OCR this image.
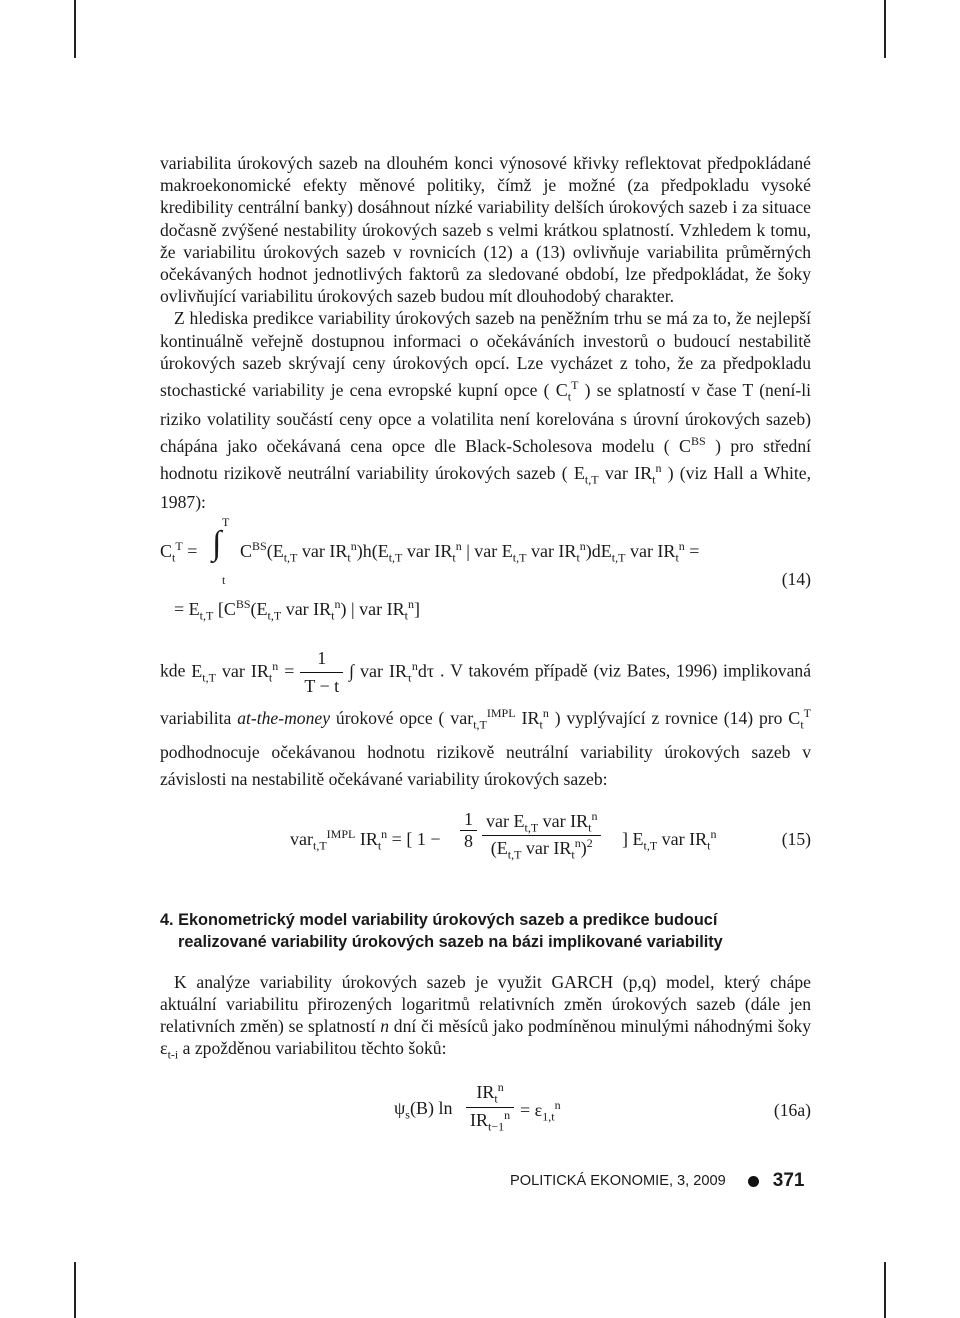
variabilita úrokových sazeb na dlouhém konci výnosové křivky reflektovat předpokládané makroekonomické efekty měnové politiky, čímž je možné (za předpokladu vysoké kredibility centrální banky) dosáhnout nízké variability delších úrokových sazeb i za situace dočasně zvýšené nestability úrokových sazeb s velmi krátkou splatností. Vzhledem k tomu, že variabilitu úrokových sazeb v rovnicích (12) a (13) ovlivňuje variabilita průměrných očekávaných hodnot jednotlivých faktorů za sledované období, lze předpokládat, že šoky ovlivňující variabilitu úrokových sazeb budou mít dlouhodobý charakter.

Z hlediska predikce variability úrokových sazeb na peněžním trhu se má za to, že nejlepší kontinuálně veřejně dostupnou informaci o očekáváních investorů o budoucí nestabilitě úrokových sazeb skrývají ceny úrokových opcí. Lze vycházet z toho, že za předpokladu stochastické variability je cena evropské kupní opce ( $C_t^T$ ) se splatností v čase T (není-li riziko volatility součástí ceny opce a volatilita není korelována s úrovní úrokových sazeb) chápána jako očekávaná cena opce dle Black-Scholesova modelu ( $C^{BS}$ ) pro střední hodnotu rizikově neutrální variability úrokových sazeb ( $E_{t,T}$ var $IR_t^n$ ) (viz Hall a White, 1987):

$C_t^T$ = ∫
T
t
$C^{BS}(E_{t,T}$ var $IR_t^n)h(E_{t,T}$ var $IR_t^n$ | var $E_{t,T}$ var $IR_t^n)dE_{t,T}$ var $IR_t^n$ =
= $E_{t,T}$ [$C^{BS}(E_{t,T}$ var $IR_t^n$) | var $IR_t^n$]
(14)

kde $E_{t,T}$ var $IR_t^n = \frac{1}{T - t}$ ∫ var $IR_\tau^nd\tau$ . V takovém případě (viz Bates, 1996) implikovaná variabilita at-the-money úrokové opce ( var$_{t,T}^{IMPL}$ $IR_t^n$ ) vyplývající z rovnice (14) pro $C_t^T$ podhodnocuje očekávanou hodnotu rizikově neutrální variability úrokových sazeb v závislosti na nestabilitě očekávané variability úrokových sazeb:

var$_{t,T}^{IMPL}$ $IR_t^n$ = [ $1 - \frac{1}{8}$ var $E_{t,T}$ var $IR_t^n$
($E_{t,T}$ var $IR_t^n)^2$	] $E_{t,T}$ var $IR_t^n$	(15)

4. Ekonometrický model variability úrokových sazeb a predikce budoucí
realizované variability úrokových sazeb na bázi implikované variability

K analýze variability úrokových sazeb je využit GARCH (p,q) model, který chápe aktuální variabilitu přirozených logaritmů relativních změn úrokových sazeb (dále jen relativních změn) se splatností n dní či měsíců jako podmíněnou minulými náhodnými šoky $\varepsilon_{t-i}$ a zpožděnou variabilitou těchto šoků:

$\psi_s(B)$ ln
$IR_t^n$
$IR_{t-1}^n = \varepsilon_{1,t}^n$	(16a)
POLITICKÁ EKONOMIE, 3, 2009 371
